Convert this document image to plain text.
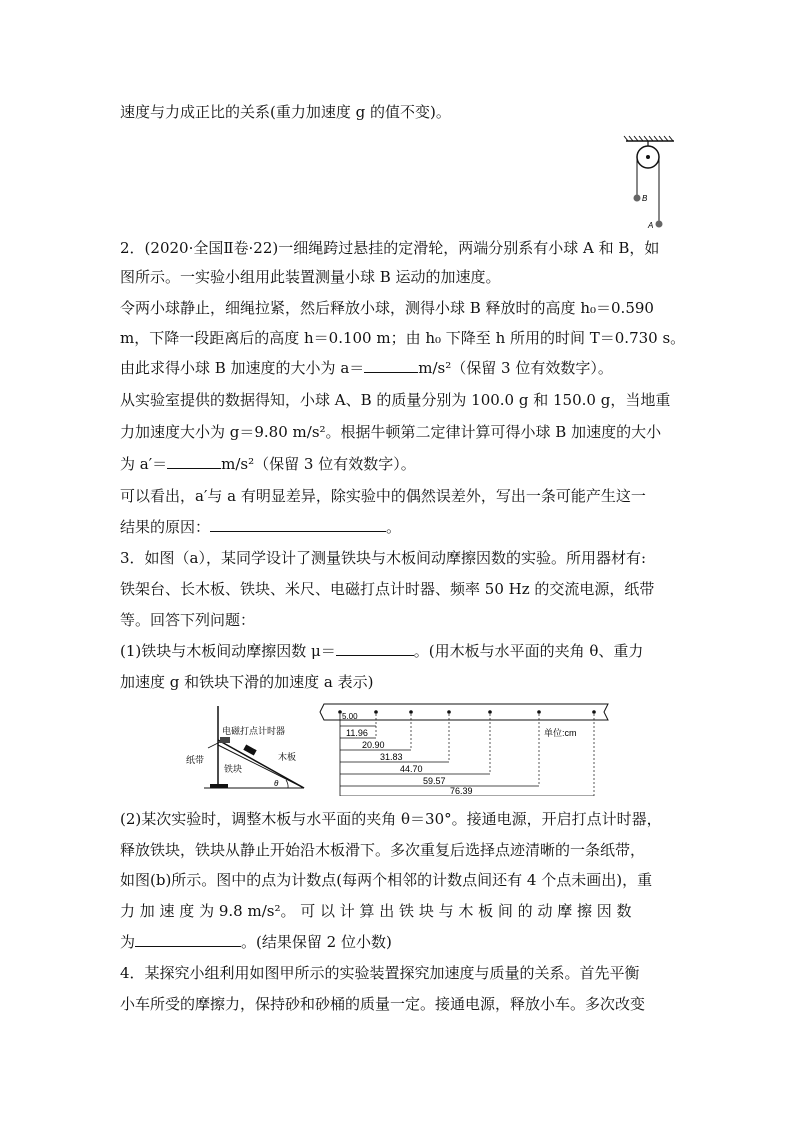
速度与力成正比的关系(重力加速度 g 的值不变)。
B
A
2．(2020·全国Ⅱ卷·22)一细绳跨过悬挂的定滑轮，两端分别系有小球 A 和 B，如
图所示。一实验小组用此装置测量小球 B 运动的加速度。
令两小球静止，细绳拉紧，然后释放小球，测得小球 B 释放时的高度 h₀＝0.590
m，下降一段距离后的高度 h＝0.100 m；由 h₀ 下降至 h 所用的时间 T＝0.730 s。
由此求得小球 B 加速度的大小为 a＝	m/s²（保留 3 位有效数字）。
从实验室提供的数据得知，小球 A、B 的质量分别为 100.0 g 和 150.0 g，当地重
力加速度大小为 g＝9.80 m/s²。根据牛顿第二定律计算可得小球 B 加速度的大小
为 a′＝	m/s²（保留 3 位有效数字）。
可以看出，a′与 a 有明显差异，除实验中的偶然误差外，写出一条可能产生这一
结果的原因：	。
3．如图（a），某同学设计了测量铁块与木板间动摩擦因数的实验。所用器材有:
铁架台、长木板、铁块、米尺、电磁打点计时器、频率 50 Hz 的交流电源，纸带
等。回答下列问题：
(1)铁块与木板间动摩擦因数 μ＝	。(用木板与水平面的夹角 θ、重力
加速度 g 和铁块下滑的加速度 a 表示)
电磁打点计时器
纸带
铁块
木板
θ
5.00
11.96
20.90
31.83
44.70
59.57
76.39
单位:cm
(2)某次实验时，调整木板与水平面的夹角 θ＝30°。接通电源，开启打点计时器，
释放铁块，铁块从静止开始沿木板滑下。多次重复后选择点迹清晰的一条纸带，
如图(b)所示。图中的点为计数点(每两个相邻的计数点间还有 4 个点未画出)，重
力 加 速 度 为 9.8 m/s²。 可 以 计 算 出 铁 块 与 木 板 间 的 动 摩 擦 因 数
为	。(结果保留 2 位小数)
4．某探究小组利用如图甲所示的实验装置探究加速度与质量的关系。首先平衡
小车所受的摩擦力，保持砂和砂桶的质量一定。接通电源，释放小车。多次改变
